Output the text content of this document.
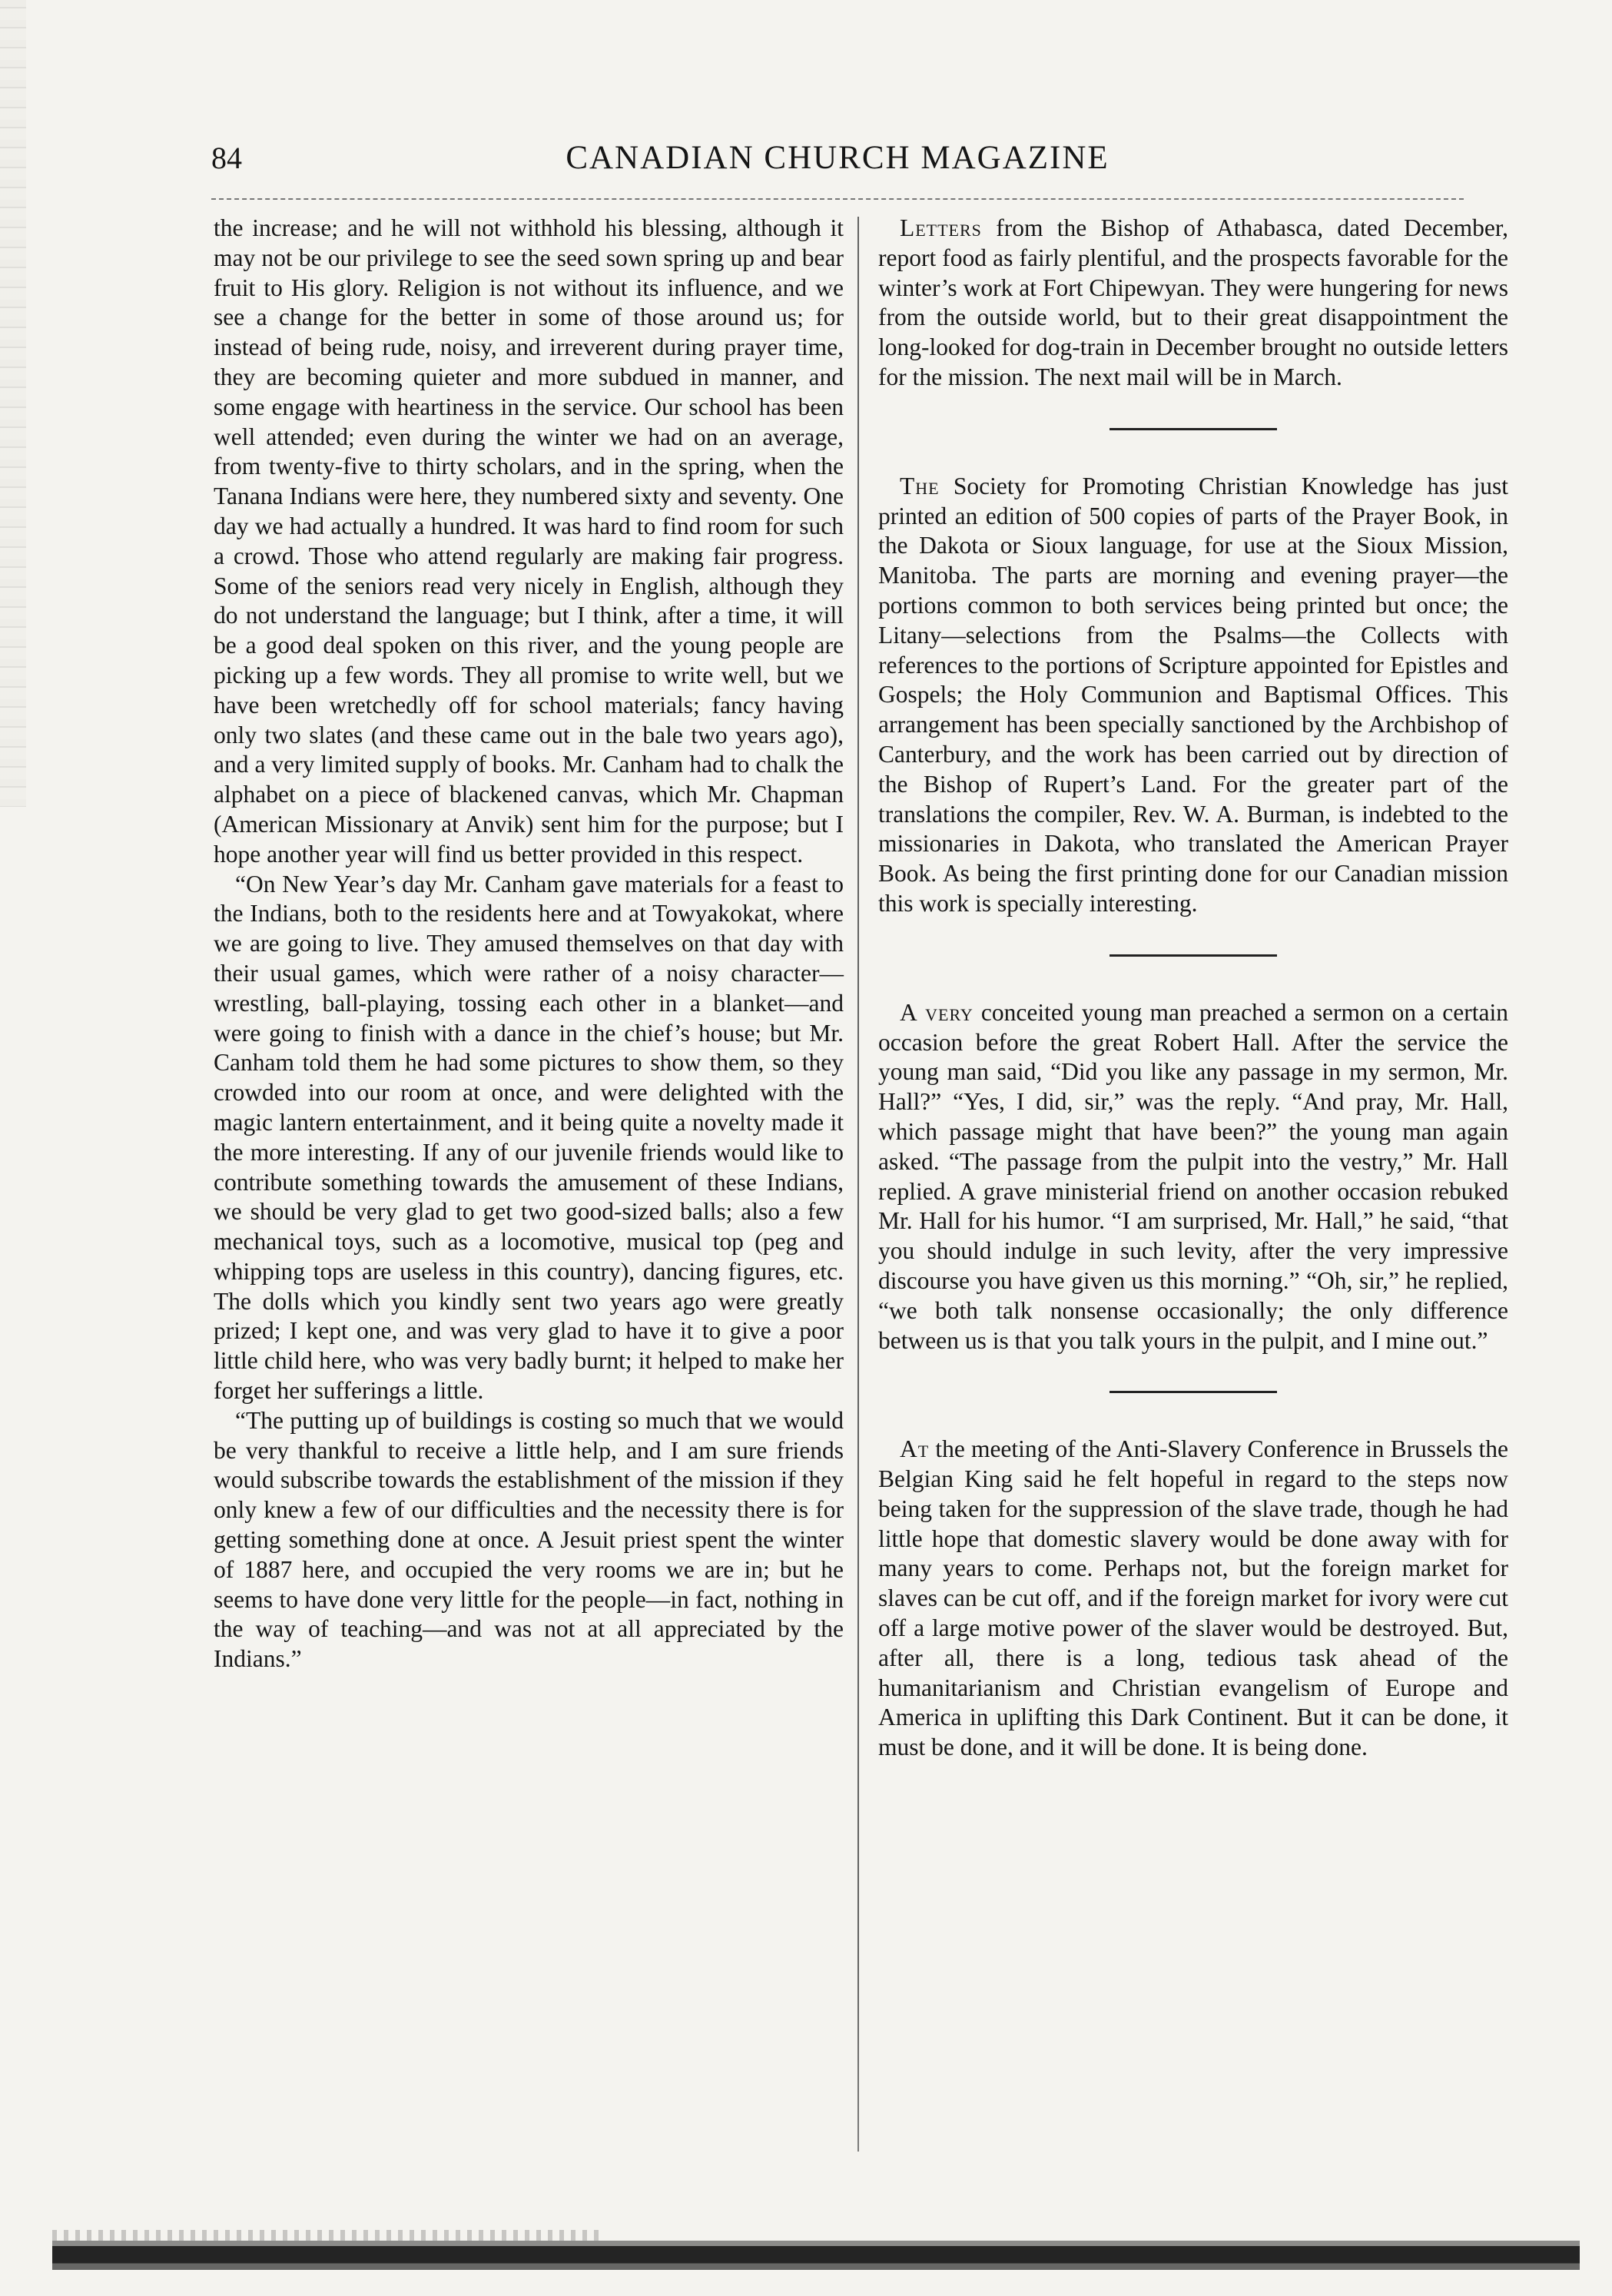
84	CANADIAN CHURCH MAGAZINE

the increase; and he will not withhold his blessing, although it may not be our privilege to see the seed sown spring up and bear fruit to His glory. Religion is not without its influence, and we see a change for the better in some of those around us; for instead of being rude, noisy, and irreverent during prayer time, they are becoming quieter and more subdued in manner, and some engage with heartiness in the service. Our school has been well attended; even during the winter we had on an average, from twenty-five to thirty scholars, and in the spring, when the Tanana Indians were here, they numbered sixty and seventy. One day we had actually a hundred. It was hard to find room for such a crowd. Those who attend regularly are making fair progress. Some of the seniors read very nicely in English, although they do not understand the language; but I think, after a time, it will be a good deal spoken on this river, and the young people are picking up a few words. They all promise to write well, but we have been wretchedly off for school materials; fancy having only two slates (and these came out in the bale two years ago), and a very limited supply of books. Mr. Canham had to chalk the alphabet on a piece of blackened canvas, which Mr. Chapman (American Missionary at Anvik) sent him for the purpose; but I hope another year will find us better provided in this respect.

“On New Year’s day Mr. Canham gave materials for a feast to the Indians, both to the residents here and at Towyakokat, where we are going to live. They amused themselves on that day with their usual games, which were rather of a noisy character—wrestling, ball-playing, tossing each other in a blanket—and were going to finish with a dance in the chief’s house; but Mr. Canham told them he had some pictures to show them, so they crowded into our room at once, and were delighted with the magic lantern entertainment, and it being quite a novelty made it the more interesting. If any of our juvenile friends would like to contribute something towards the amusement of these Indians, we should be very glad to get two good-sized balls; also a few mechanical toys, such as a locomotive, musical top (peg and whipping tops are useless in this country), dancing figures, etc. The dolls which you kindly sent two years ago were greatly prized; I kept one, and was very glad to have it to give a poor little child here, who was very badly burnt; it helped to make her forget her sufferings a little.

“The putting up of buildings is costing so much that we would be very thankful to receive a little help, and I am sure friends would subscribe towards the establishment of the mission if they only knew a few of our difficulties and the necessity there is for getting something done at once. A Jesuit priest spent the winter of 1887 here, and occupied the very rooms we are in; but he seems to have done very little for the people—in fact, nothing in the way of teaching—and was not at all appreciated by the Indians.”

Letters from the Bishop of Athabasca, dated December, report food as fairly plentiful, and the prospects favorable for the winter’s work at Fort Chipewyan. They were hungering for news from the outside world, but to their great disappointment the long-looked for dog-train in December brought no outside letters for the mission. The next mail will be in March.

The Society for Promoting Christian Knowledge has just printed an edition of 500 copies of parts of the Prayer Book, in the Dakota or Sioux language, for use at the Sioux Mission, Manitoba. The parts are morning and evening prayer—the portions common to both services being printed but once; the Litany—selections from the Psalms—the Collects with references to the portions of Scripture appointed for Epistles and Gospels; the Holy Communion and Baptismal Offices. This arrangement has been specially sanctioned by the Archbishop of Canterbury, and the work has been carried out by direction of the Bishop of Rupert’s Land. For the greater part of the translations the compiler, Rev. W. A. Burman, is indebted to the missionaries in Dakota, who translated the American Prayer Book. As being the first printing done for our Canadian mission this work is specially interesting.

A very conceited young man preached a sermon on a certain occasion before the great Robert Hall. After the service the young man said, “Did you like any passage in my sermon, Mr. Hall?” “Yes, I did, sir,” was the reply. “And pray, Mr. Hall, which passage might that have been?” the young man again asked. “The passage from the pulpit into the vestry,” Mr. Hall replied. A grave ministerial friend on another occasion rebuked Mr. Hall for his humor. “I am surprised, Mr. Hall,” he said, “that you should indulge in such levity, after the very impressive discourse you have given us this morning.” “Oh, sir,” he replied, “we both talk nonsense occasionally; the only difference between us is that you talk yours in the pulpit, and I mine out.”

At the meeting of the Anti-Slavery Conference in Brussels the Belgian King said he felt hopeful in regard to the steps now being taken for the suppression of the slave trade, though he had little hope that domestic slavery would be done away with for many years to come. Perhaps not, but the foreign market for slaves can be cut off, and if the foreign market for ivory were cut off a large motive power of the slaver would be destroyed. But, after all, there is a long, tedious task ahead of the humanitarianism and Christian evangelism of Europe and America in uplifting this Dark Continent. But it can be done, it must be done, and it will be done. It is being done.
